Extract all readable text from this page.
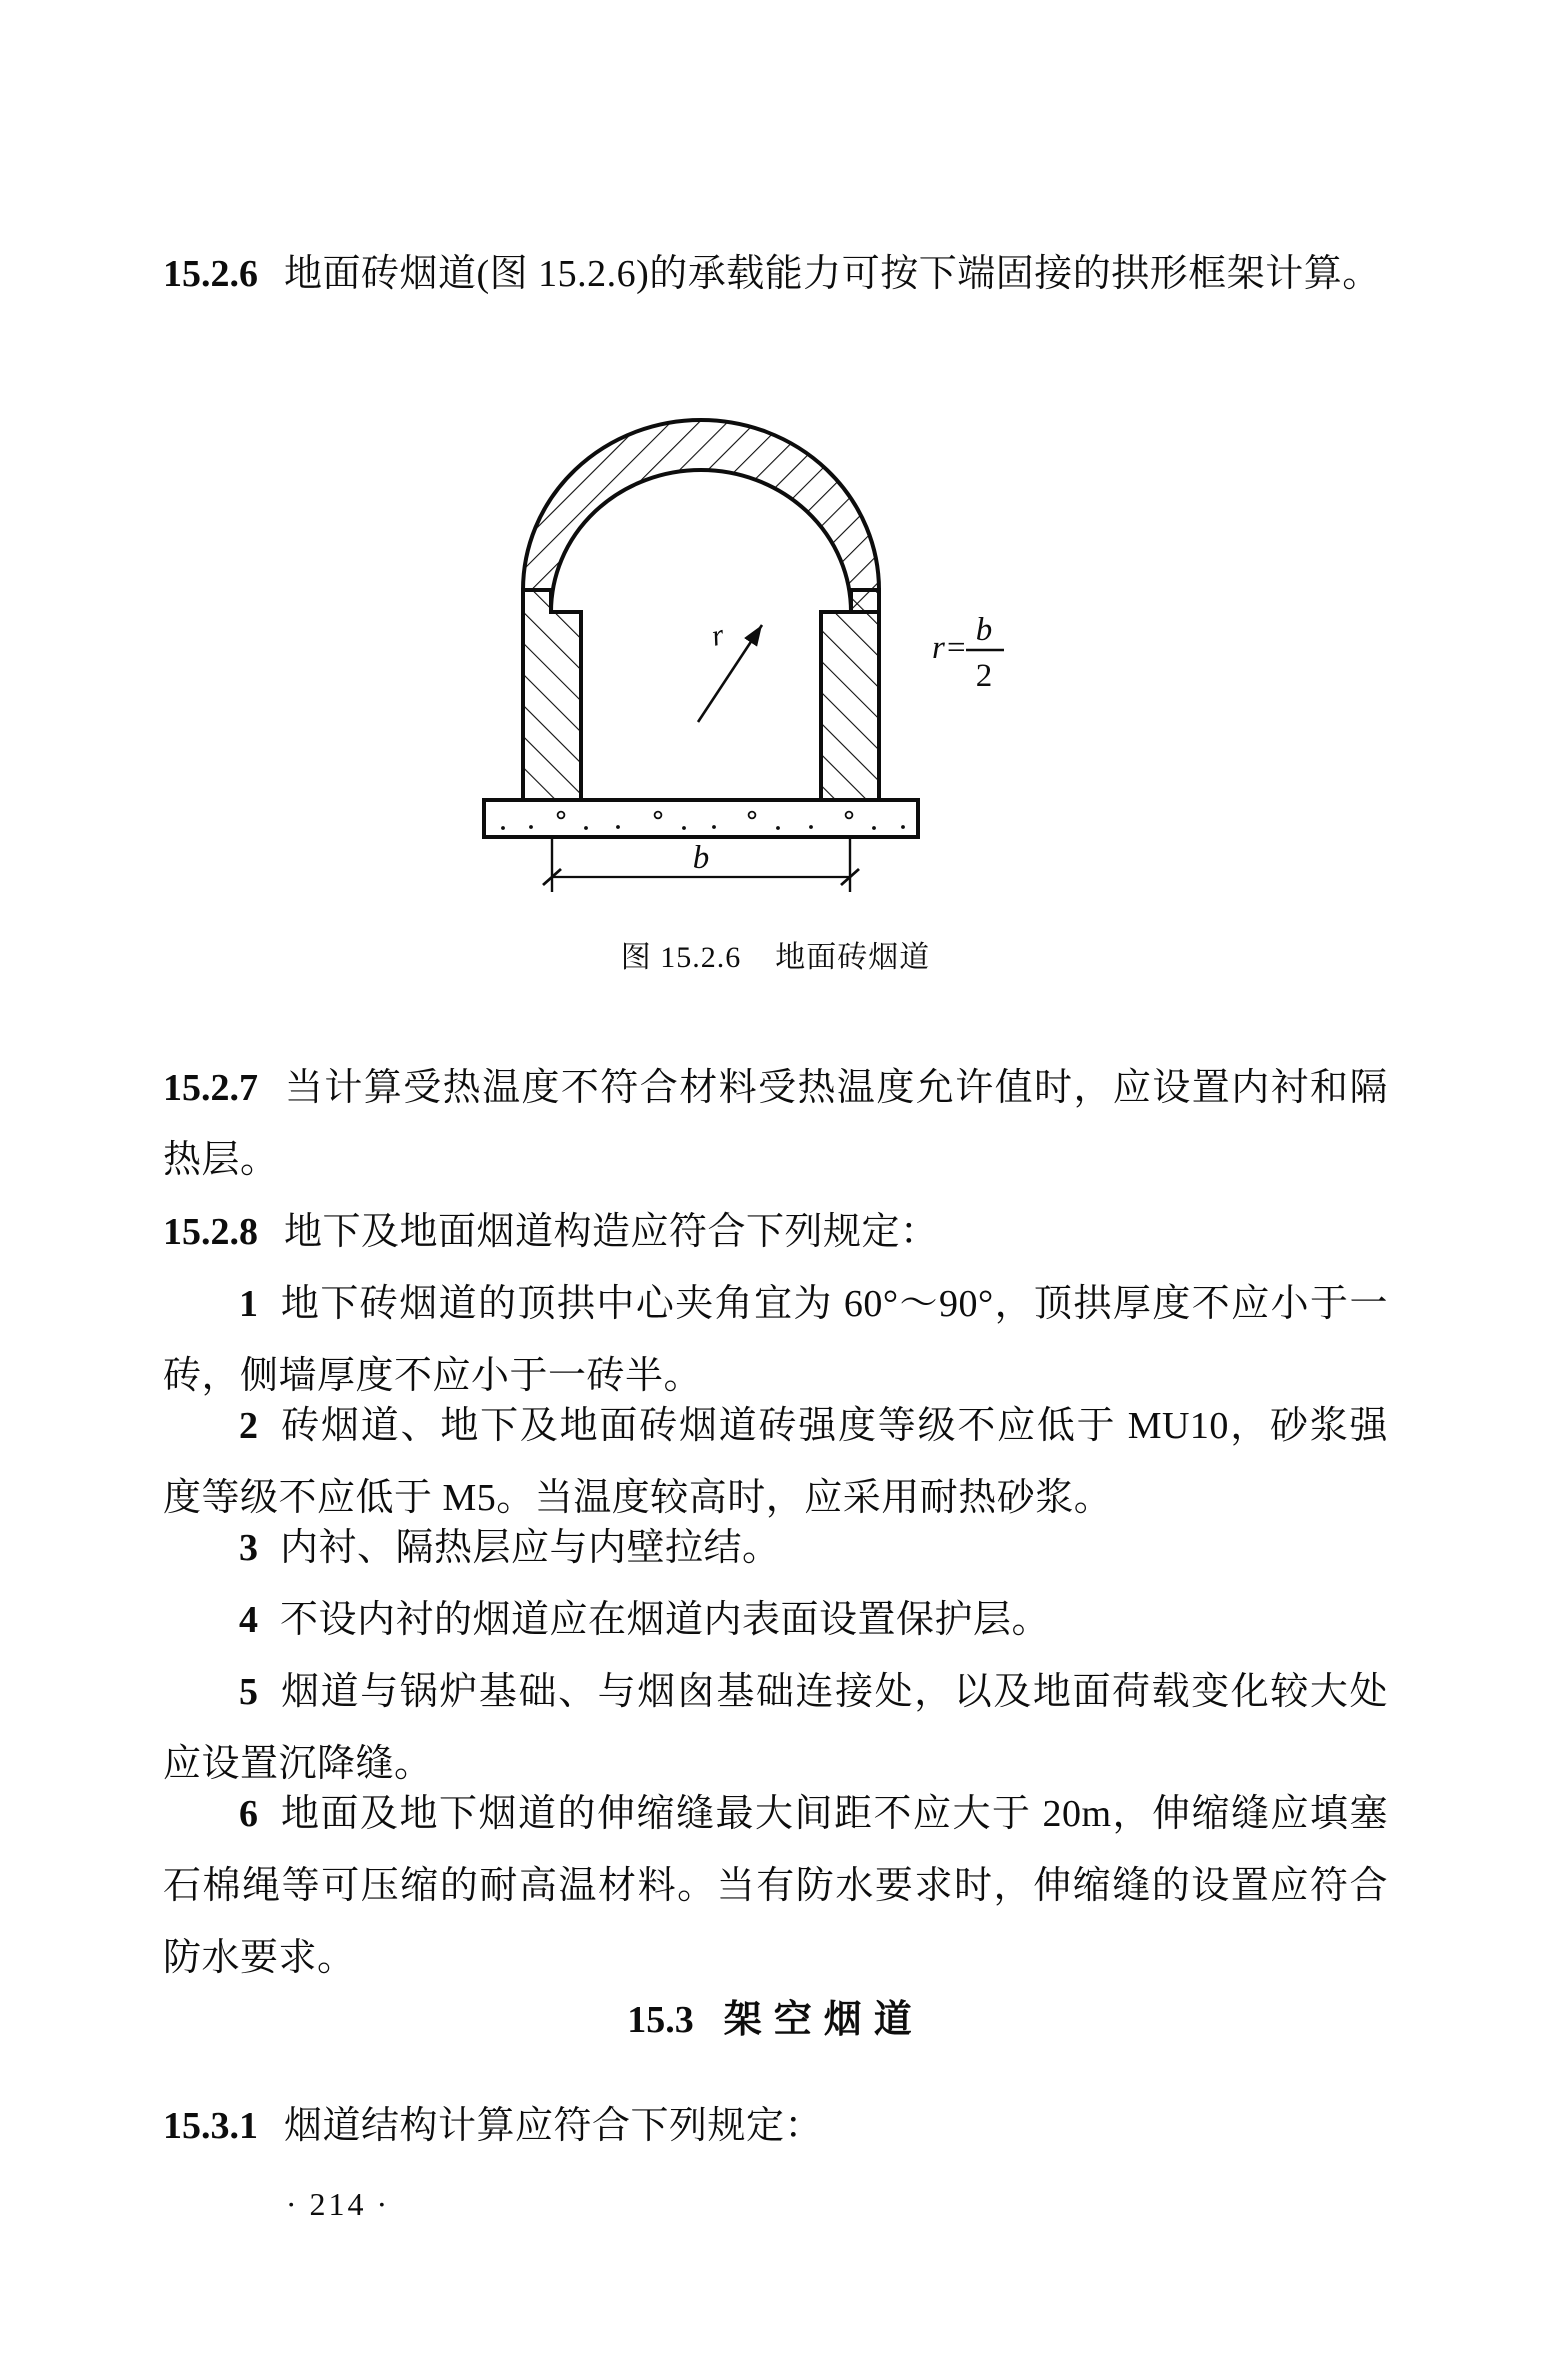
15.2.6 地面砖烟道(图 15.2.6)的承载能力可按下端固接的拱形框架计算。

r	r= b
2
b
图 15.2.6 地面砖烟道

15.2.7 当计算受热温度不符合材料受热温度允许值时，应设置内衬和隔热层。

15.2.8 地下及地面烟道构造应符合下列规定：

1 地下砖烟道的顶拱中心夹角宜为 60°～90°，顶拱厚度不应小于一砖，侧墙厚度不应小于一砖半。

2 砖烟道、地下及地面砖烟道砖强度等级不应低于 MU10，砂浆强度等级不应低于 M5。当温度较高时，应采用耐热砂浆。

3 内衬、隔热层应与内壁拉结。

4 不设内衬的烟道应在烟道内表面设置保护层。

5 烟道与锅炉基础、与烟囪基础连接处，以及地面荷载变化较大处应设置沉降缝。

6 地面及地下烟道的伸缩缝最大间距不应大于 20m，伸缩缝应填塞石棉绳等可压缩的耐高温材料。当有防水要求时，伸缩缝的设置应符合防水要求。

15.3 架空烟道

15.3.1 烟道结构计算应符合下列规定：

· 214 ·
